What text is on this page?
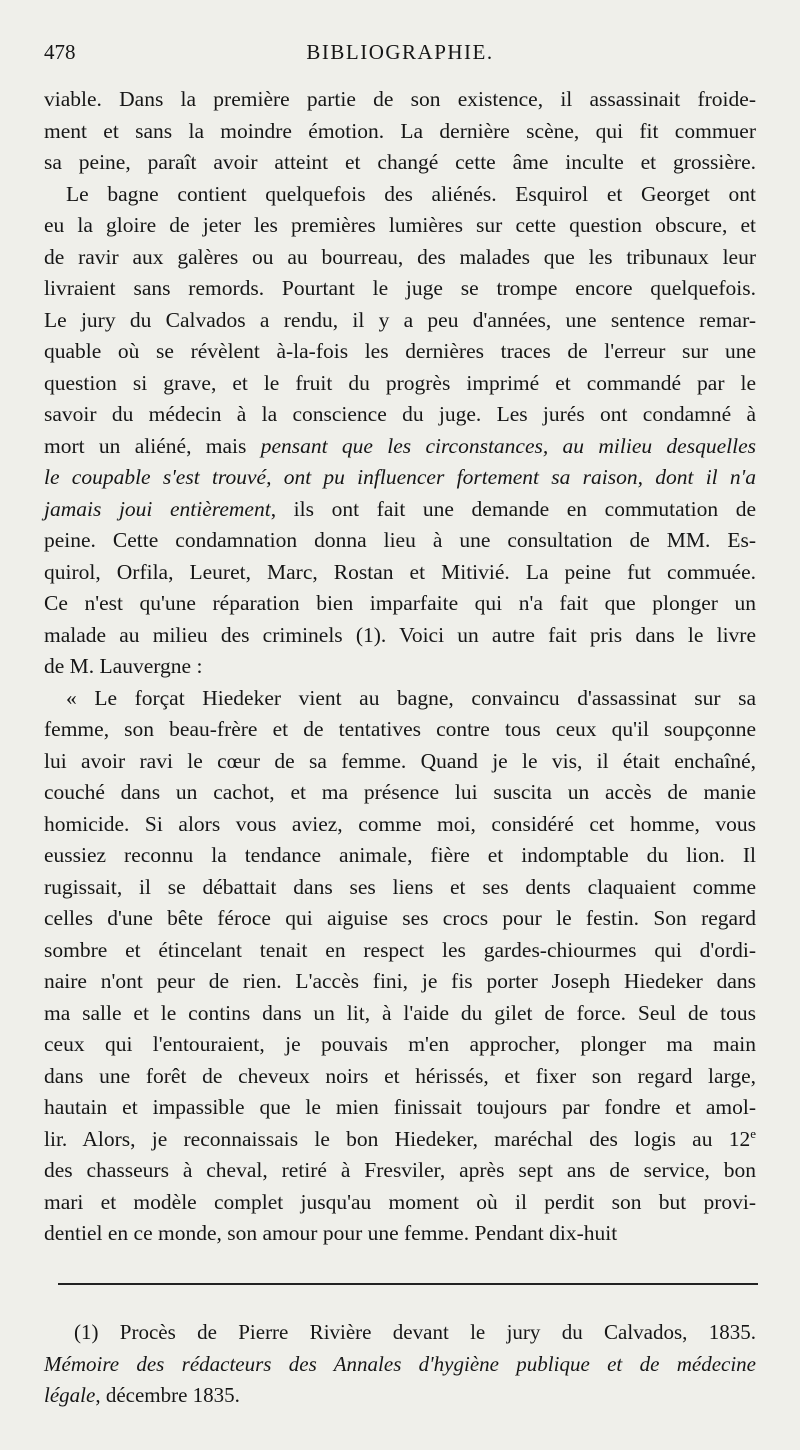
478	BIBLIOGRAPHIE.
viable. Dans la première partie de son existence, il assassinait froide-
ment et sans la moindre émotion. La dernière scène, qui fit commuer
sa peine, paraît avoir atteint et changé cette âme inculte et grossière.
Le bagne contient quelquefois des aliénés. Esquirol et Georget ont
eu la gloire de jeter les premières lumières sur cette question obscure, et
de ravir aux galères ou au bourreau, des malades que les tribunaux leur
livraient sans remords. Pourtant le juge se trompe encore quelquefois.
Le jury du Calvados a rendu, il y a peu d'années, une sentence remar-
quable où se révèlent à-la-fois les dernières traces de l'erreur sur une
question si grave, et le fruit du progrès imprimé et commandé par le
savoir du médecin à la conscience du juge. Les jurés ont condamné à
mort un aliéné, mais pensant que les circonstances, au milieu desquelles
le coupable s'est trouvé, ont pu influencer fortement sa raison, dont il n'a
jamais joui entièrement, ils ont fait une demande en commutation de
peine. Cette condamnation donna lieu à une consultation de MM. Es-
quirol, Orfila, Leuret, Marc, Rostan et Mitivié. La peine fut commuée.
Ce n'est qu'une réparation bien imparfaite qui n'a fait que plonger un
malade au milieu des criminels (1). Voici un autre fait pris dans le livre
de M. Lauvergne :
« Le forçat Hiedeker vient au bagne, convaincu d'assassinat sur sa
femme, son beau-frère et de tentatives contre tous ceux qu'il soupçonne
lui avoir ravi le cœur de sa femme. Quand je le vis, il était enchaîné,
couché dans un cachot, et ma présence lui suscita un accès de manie
homicide. Si alors vous aviez, comme moi, considéré cet homme, vous
eussiez reconnu la tendance animale, fière et indomptable du lion. Il
rugissait, il se débattait dans ses liens et ses dents claquaient comme
celles d'une bête féroce qui aiguise ses crocs pour le festin. Son regard
sombre et étincelant tenait en respect les gardes-chiourmes qui d'ordi-
naire n'ont peur de rien. L'accès fini, je fis porter Joseph Hiedeker dans
ma salle et le contins dans un lit, à l'aide du gilet de force. Seul de tous
ceux qui l'entouraient, je pouvais m'en approcher, plonger ma main
dans une forêt de cheveux noirs et hérissés, et fixer son regard large,
hautain et impassible que le mien finissait toujours par fondre et amol-
lir. Alors, je reconnaissais le bon Hiedeker, maréchal des logis au 12e
des chasseurs à cheval, retiré à Fresviler, après sept ans de service, bon
mari et modèle complet jusqu'au moment où il perdit son but provi-
dentiel en ce monde, son amour pour une femme. Pendant dix-huit
(1) Procès de Pierre Rivière devant le jury du Calvados, 1835.
Mémoire des rédacteurs des Annales d'hygiène publique et de médecine
légale, décembre 1835.
